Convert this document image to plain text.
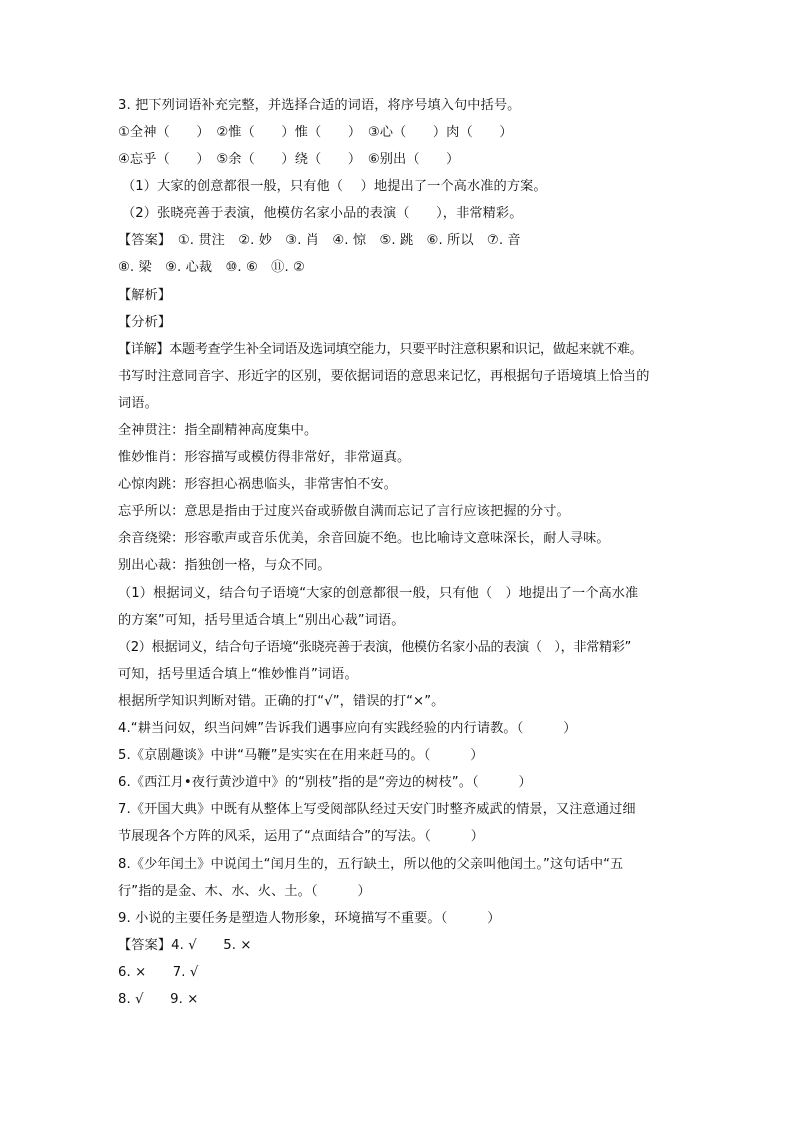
3. 把下列词语补充完整，并选择合适的词语，将序号填入句中括号。

①全神（　　）　②惟（　　）惟（　　）　③心（　　）肉（　　）

④忘乎（　　）　⑤余（　　）绕（　　）　⑥别出（　　）

（1）大家的创意都很一般，只有他（　 ）地提出了一个高水准的方案。

（2）张晓亮善于表演，他模仿名家小品的表演（　　），非常精彩。

【答案】　①. 贯注　②. 妙　③. 肖　④. 惊　⑤. 跳　⑥. 所以　⑦. 音

⑧. 梁　⑨. 心裁　⑩. ⑥　⑪. ②

【解析】

【分析】

【详解】本题考查学生补全词语及选词填空能力，只要平时注意积累和识记，做起来就不难。

书写时注意同音字、形近字的区别，要依据词语的意思来记忆，再根据句子语境填上恰当的

词语。

全神贯注：指全副精神高度集中。

惟妙惟肖：形容描写或模仿得非常好，非常逼真。

心惊肉跳：形容担心祸患临头，非常害怕不安。

忘乎所以：意思是指由于过度兴奋或骄傲自满而忘记了言行应该把握的分寸。

余音绕梁：形容歌声或音乐优美，余音回旋不绝。也比喻诗文意味深长，耐人寻味。

别出心裁：指独创一格，与众不同。

（1）根据词义，结合句子语境“大家的创意都很一般，只有他（　）地提出了一个高水准

的方案”可知，括号里适合填上“别出心裁”词语。

（2）根据词义，结合句子语境“张晓亮善于表演，他模仿名家小品的表演（　），非常精彩”

可知，括号里适合填上“惟妙惟肖”词语。

根据所学知识判断对错。正确的打“√”，错误的打“×”。

4.“耕当问奴，织当问婢”告诉我们遇事应向有实践经验的内行请教。（　　　）

5.《京剧趣谈》中讲“马鞭”是实实在在用来赶马的。（　　　）

6.《西江月•夜行黄沙道中》的“别枝”指的是“旁边的树枝”。（　　　）

7.《开国大典》中既有从整体上写受阅部队经过天安门时整齐威武的情景，又注意通过细

节展现各个方阵的风采，运用了“点面结合”的写法。（　　　）

8.《少年闰土》中说闰土“闰月生的，五行缺土，所以他的父亲叫他闰土。”这句话中“五

行”指的是金、木、水、火、土。（　　　）

9. 小说的主要任务是塑造人物形象，环境描写不重要。（　　　）

【答案】4. √　　5. ×

6. ×　　7. √

8. √　　9. ×
